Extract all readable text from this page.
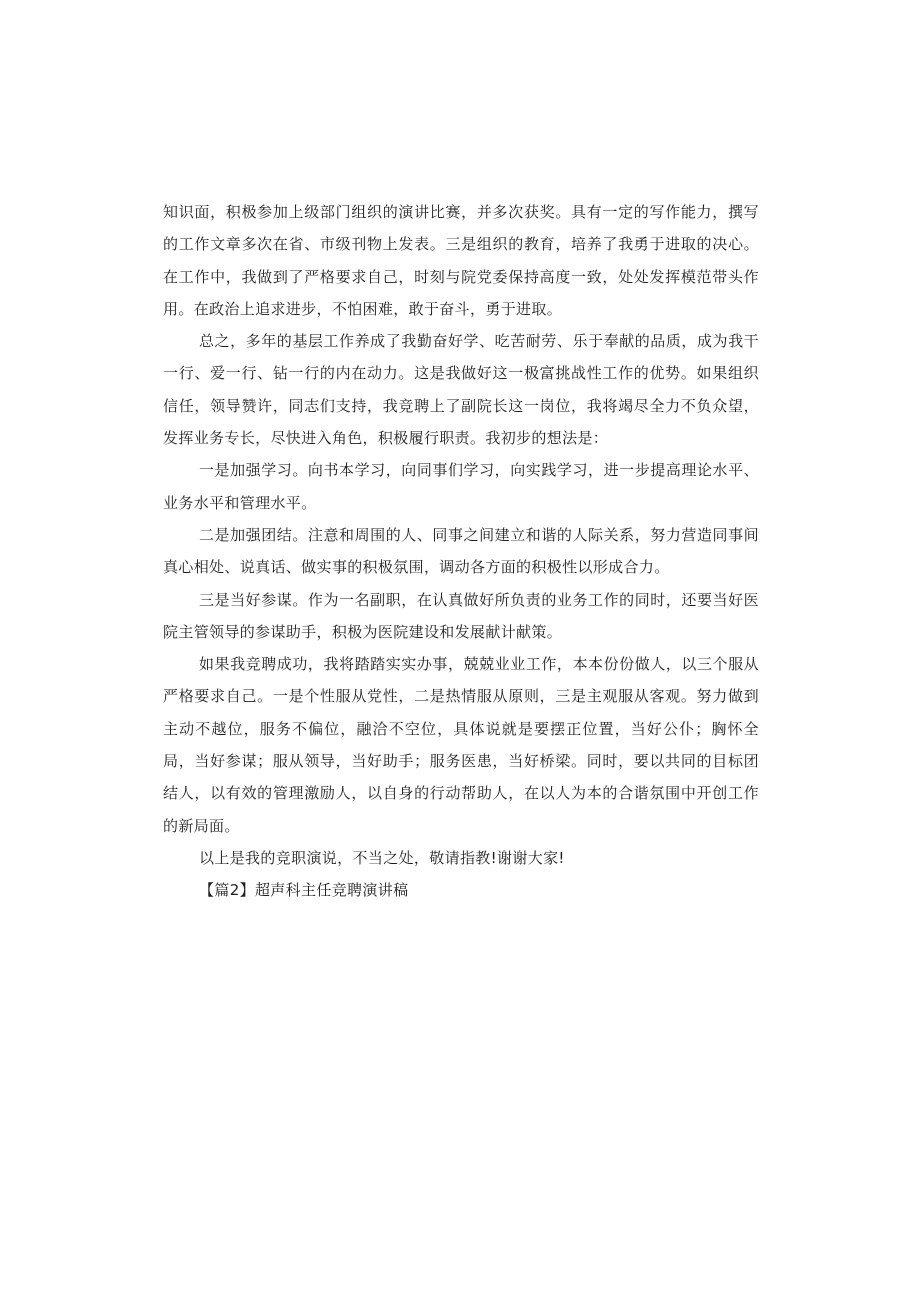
知识面，积极参加上级部门组织的演讲比赛，并多次获奖。具有一定的写作能力，撰写的工作文章多次在省、市级刊物上发表。三是组织的教育，培养了我勇于进取的决心。在工作中，我做到了严格要求自己，时刻与院党委保持高度一致，处处发挥模范带头作用。在政治上追求进步，不怕困难，敢于奋斗，勇于进取。

总之，多年的基层工作养成了我勤奋好学、吃苦耐劳、乐于奉献的品质，成为我干一行、爱一行、钻一行的内在动力。这是我做好这一极富挑战性工作的优势。如果组织信任，领导赞许，同志们支持，我竞聘上了副院长这一岗位，我将竭尽全力不负众望，发挥业务专长，尽快进入角色，积极履行职责。我初步的想法是：

一是加强学习。向书本学习，向同事们学习，向实践学习，进一步提高理论水平、业务水平和管理水平。

二是加强团结。注意和周围的人、同事之间建立和谐的人际关系，努力营造同事间真心相处、说真话、做实事的积极氛围，调动各方面的积极性以形成合力。

三是当好参谋。作为一名副职，在认真做好所负责的业务工作的同时，还要当好医院主管领导的参谋助手，积极为医院建设和发展献计献策。

如果我竞聘成功，我将踏踏实实办事，兢兢业业工作，本本份份做人，以三个服从严格要求自己。一是个性服从党性，二是热情服从原则，三是主观服从客观。努力做到主动不越位，服务不偏位，融洽不空位，具体说就是要摆正位置，当好公仆；胸怀全局，当好参谋；服从领导，当好助手；服务医患，当好桥梁。同时，要以共同的目标团结人，以有效的管理激励人，以自身的行动帮助人，在以人为本的合谐氛围中开创工作的新局面。

以上是我的竞职演说，不当之处，敬请指教!谢谢大家!

【篇2】超声科主任竞聘演讲稿
